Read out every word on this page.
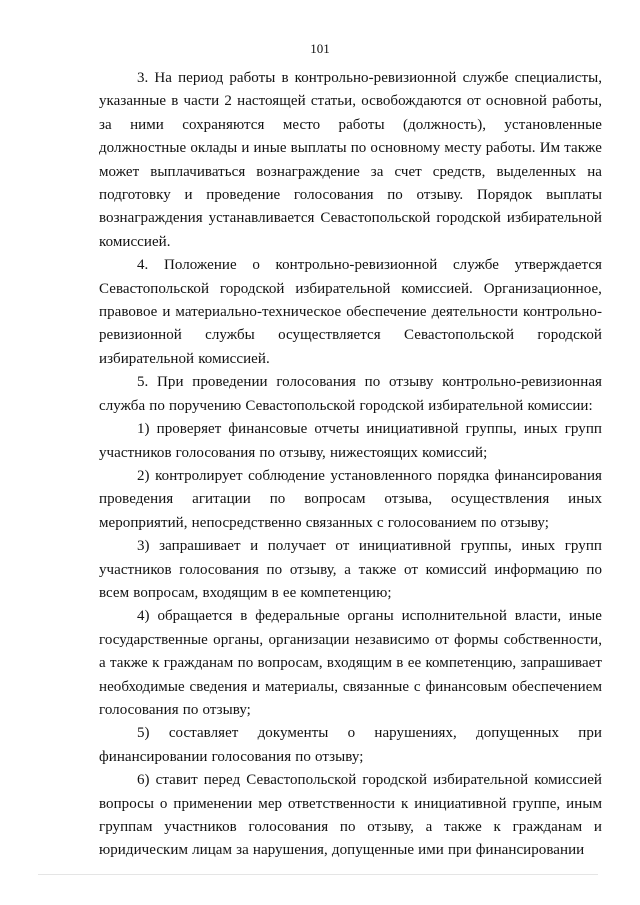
101

3. На период работы в контрольно-ревизионной службе специалисты, указанные в части 2 настоящей статьи, освобождаются от основной работы, за ними сохраняются место работы (должность), установленные должностные оклады и иные выплаты по основному месту работы. Им также может выплачиваться вознаграждение за счет средств, выделенных на подготовку и проведение голосования по отзыву. Порядок выплаты вознаграждения устанавливается Севастопольской городской избирательной комиссией.

4. Положение о контрольно-ревизионной службе утверждается Севастопольской городской избирательной комиссией. Организационное, правовое и материально-техническое обеспечение деятельности контрольно-ревизионной службы осуществляется Севастопольской городской избирательной комиссией.

5. При проведении голосования по отзыву контрольно-ревизионная служба по поручению Севастопольской городской избирательной комиссии:

1) проверяет финансовые отчеты инициативной группы, иных групп участников голосования по отзыву, нижестоящих комиссий;

2) контролирует соблюдение установленного порядка финансирования проведения агитации по вопросам отзыва, осуществления иных мероприятий, непосредственно связанных с голосованием по отзыву;

3) запрашивает и получает от инициативной группы, иных групп участников голосования по отзыву, а также от комиссий информацию по всем вопросам, входящим в ее компетенцию;

4) обращается в федеральные органы исполнительной власти, иные государственные органы, организации независимо от формы собственности, а также к гражданам по вопросам, входящим в ее компетенцию, запрашивает необходимые сведения и материалы, связанные с финансовым обеспечением голосования по отзыву;

5) составляет документы о нарушениях, допущенных при финансировании голосования по отзыву;

6) ставит перед Севастопольской городской избирательной комиссией вопросы о применении мер ответственности к инициативной группе, иным группам участников голосования по отзыву, а также к гражданам и юридическим лицам за нарушения, допущенные ими при финансировании
